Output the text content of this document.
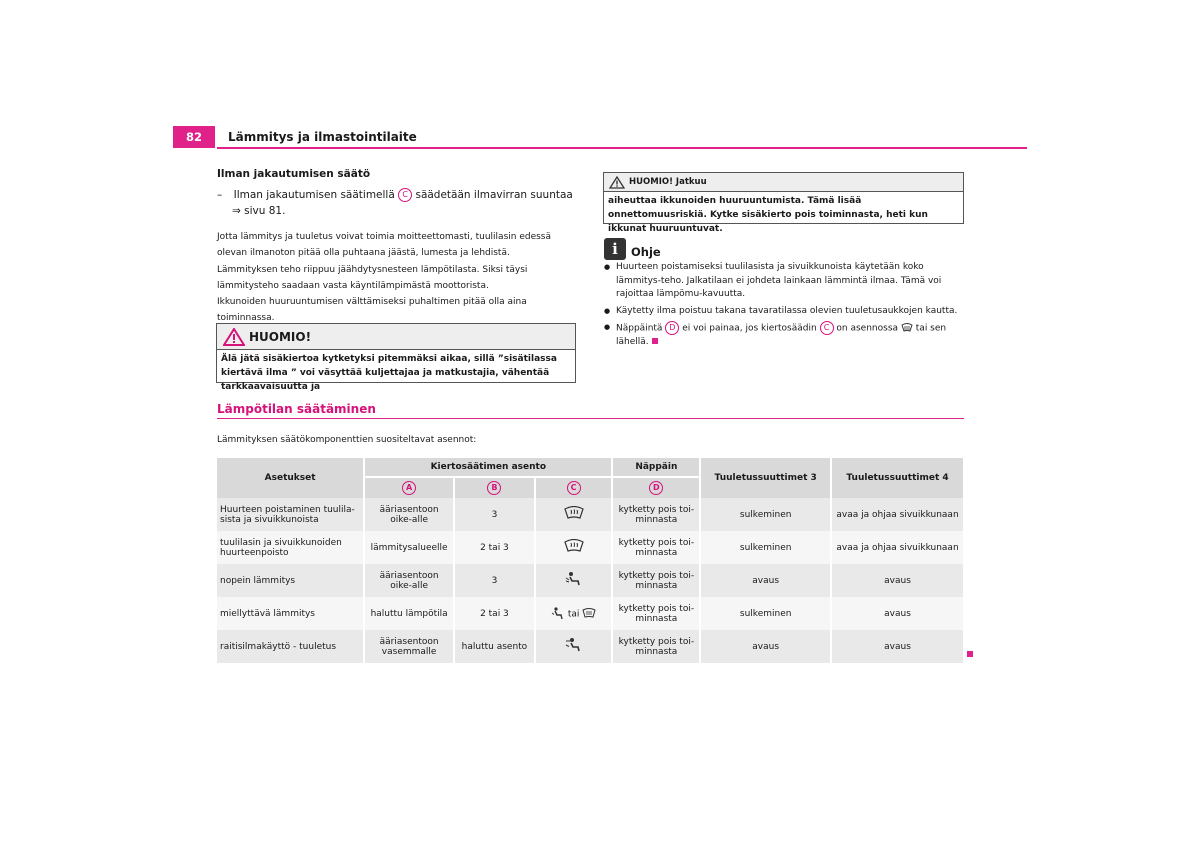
82	Lämmitys ja ilmastointilaite
Ilman jakautumisen säätö
– Ilman jakautumisen säätimellä C säädetään ilmavirran suuntaa
⇒ sivu 81.
Jotta lämmitys ja tuuletus voivat toimia moitteettomasti, tuulilasin edessä olevan ilmanoton pitää olla puhtaana jäästä, lumesta ja lehdistä.
Lämmityksen teho riippuu jäähdytysnesteen lämpötilasta. Siksi täysi lämmitysteho saadaan vasta käyntilämpimästä moottorista.
Ikkunoiden huuruuntumisen välttämiseksi puhaltimen pitää olla aina toiminnassa.
HUOMIO!
Älä jätä sisäkiertoa kytketyksi pitemmäksi aikaa, sillä ”sisätilassa kiertävä ilma ” voi väsyttää kuljettajaa ja matkustajia, vähentää tarkkaavaisuutta ja
HUOMIO! Jatkuu
aiheuttaa ikkunoiden huuruuntumista. Tämä lisää onnettomuusriskiä. Kytke sisäkierto pois toiminnasta, heti kun ikkunat huuruuntuvat.
i	Ohje
● Huurteen poistamiseksi tuulilasista ja sivuikkunoista käytetään koko lämmitys-teho. Jalkatilaan ei johdeta lainkaan lämmintä ilmaa. Tämä voi rajoittaa lämpömu-kavuutta.
● Käytetty ilma poistuu takana tavaratilassa olevien tuuletusaukkojen kautta.
● Näppäintä D ei voi painaa, jos kiertosäädin C on asennossa tai sen lähellä.
Lämpötilan säätäminen
Lämmityksen säätökomponenttien suositeltavat asennot:
Asetukset	Kiertosäätimen asento			Näppäin	Tuuletussuuttimet 3	Tuuletussuuttimet 4
	A	B	C	D		
Huurteen poistaminen tuulila-sista ja sivuikkunoista	ääriasentoon oike-alle	3		kytketty pois toi-minnasta	sulkeminen	avaa ja ohjaa sivuikkunaan
tuulilasin ja sivuikkunoiden huurteenpoisto	lämmitysalueelle	2 tai 3		kytketty pois toi-minnasta	sulkeminen	avaa ja ohjaa sivuikkunaan
nopein lämmitys	ääriasentoon oike-alle	3		kytketty pois toi-minnasta	avaus	avaus
miellyttävä lämmitys	haluttu lämpötila	2 tai 3	tai	kytketty pois toi-minnasta	sulkeminen	avaus
raitisilmakäyttö - tuuletus	ääriasentoon vasemmalle	haluttu asento		kytketty pois toi-minnasta	avaus	avaus
